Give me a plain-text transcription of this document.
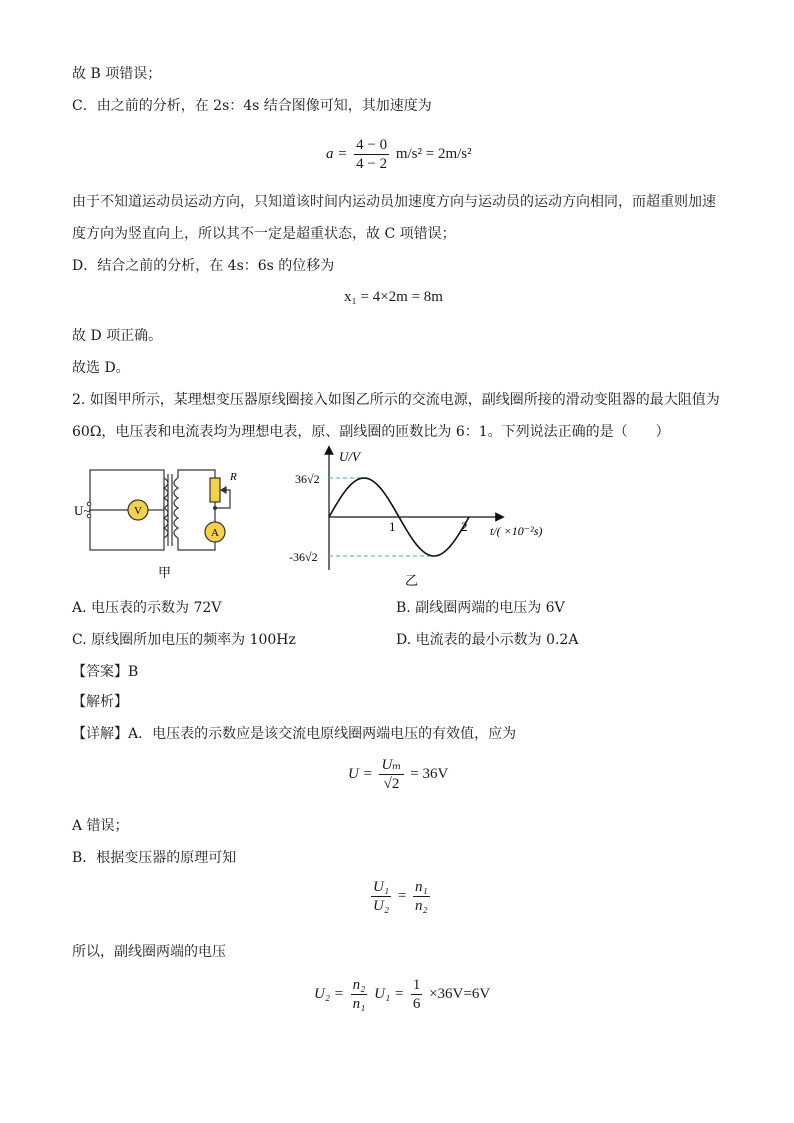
故 B 项错误；
C．由之前的分析，在 2s：4s 结合图像可知，其加速度为
$a = \frac{4 - 0}{4 - 2} m/s^2 = 2m/s^2$
由于不知道运动员运动方向，只知道该时间内运动员加速度方向与运动员的运动方向相同，而超重则加速
度方向为竖直向上，所以其不一定是超重状态，故 C 项错误；
D．结合之前的分析，在 4s：6s 的位移为
x₁ = 4×2m = 8m
故 D 项正确。
故选 D。
2. 如图甲所示，某理想变压器原线圈接入如图乙所示的交流电源，副线圈所接的滑动变阻器的最大阻值为
60Ω，电压表和电流表均为理想电表，原、副线圈的匝数比为 6：1。下列说法正确的是（　　）
U~	V
A
R
甲
U/V
36√2
-36√2
1	2 t/( ×10⁻²s)
乙
A. 电压表的示数为 72V	B. 副线圈两端的电压为 6V
C. 原线圈所加电压的频率为 100Hz	D. 电流表的最小示数为 0.2A
【答案】B
【解析】
【详解】A．电压表的示数应是该交流电原线圈两端电压的有效值，应为
$U = \frac{\text{Uₘ}}{√2} = 36V$
A 错误；
B．根据变压器的原理可知
$\frac{\text{U₁}}{\text{U₂}} = \frac{\text{n₁}}{\text{n₂}}$
所以，副线圈两端的电压
$U_2 = \frac{\text{n₂}}{\text{n₁}} U_1 = \frac{1}{6} \times 36V=6V$
